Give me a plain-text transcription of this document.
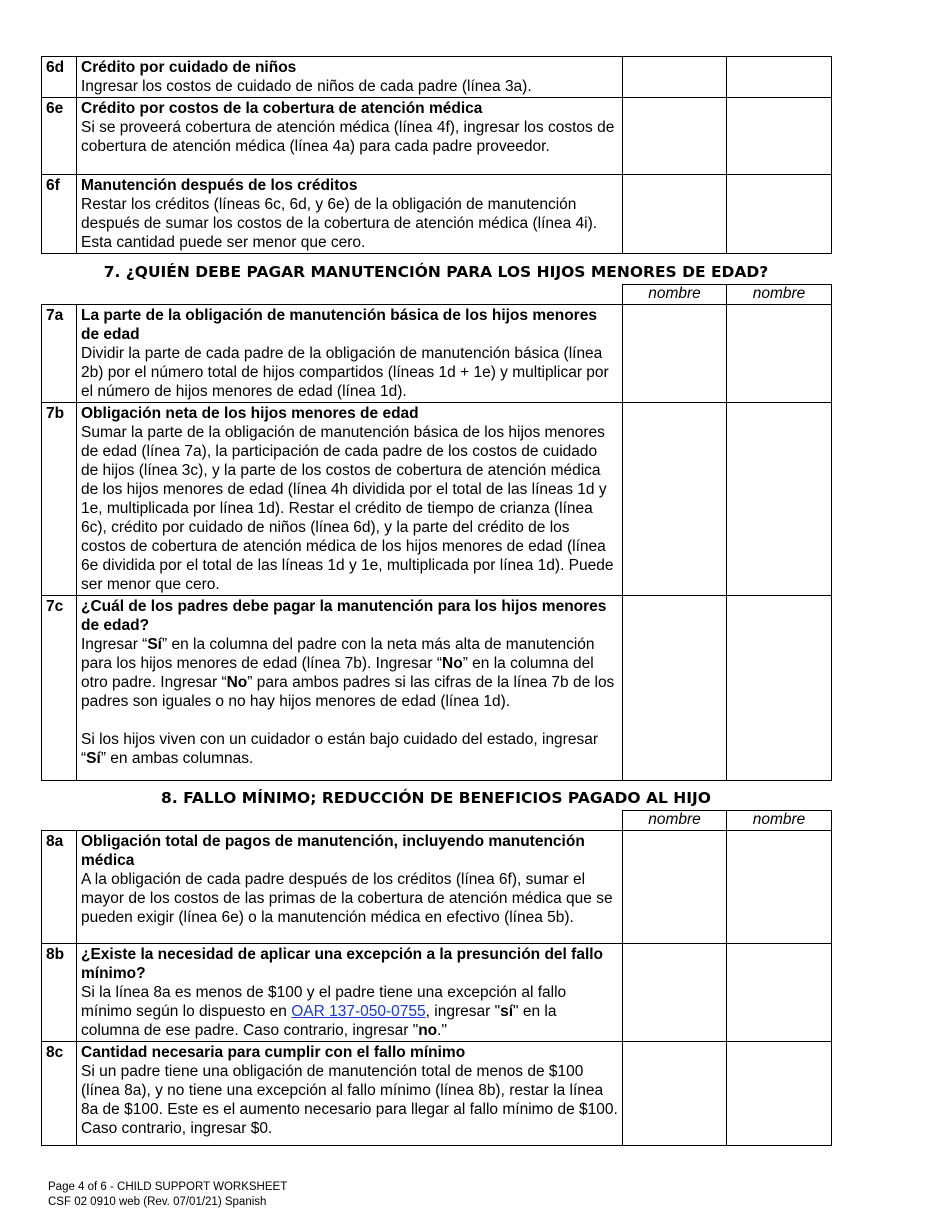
6d	Crédito por cuidado de niños
Ingresar los costos de cuidado de niños de cada padre (línea 3a).		
6e	Crédito por costos de la cobertura de atención médica
Si se proveerá cobertura de atención médica (línea 4f), ingresar los costos de cobertura de atención médica (línea 4a) para cada padre proveedor.		
6f	Manutención después de los créditos
Restar los créditos (líneas 6c, 6d, y 6e) de la obligación de manutención después de sumar los costos de la cobertura de atención médica (línea 4i). Esta cantidad puede ser menor que cero.		
7. ¿QUIÉN DEBE PAGAR MANUTENCIÓN PARA LOS HIJOS MENORES DE EDAD?
		nombre	nombre
7a	La parte de la obligación de manutención básica de los hijos menores de edad
Dividir la parte de cada padre de la obligación de manutención básica (línea 2b) por el número total de hijos compartidos (líneas 1d + 1e) y multiplicar por el número de hijos menores de edad (línea 1d).		
7b	Obligación neta de los hijos menores de edad
Sumar la parte de la obligación de manutención básica de los hijos menores de edad (línea 7a), la participación de cada padre de los costos de cuidado de hijos (línea 3c), y la parte de los costos de cobertura de atención médica de los hijos menores de edad (línea 4h dividida por el total de las líneas 1d y 1e, multiplicada por línea 1d). Restar el crédito de tiempo de crianza (línea 6c), crédito por cuidado de niños (línea 6d), y la parte del crédito de los costos de cobertura de atención médica de los hijos menores de edad (línea 6e dividida por el total de las líneas 1d y 1e, multiplicada por línea 1d). Puede ser menor que cero.		
7c	¿Cuál de los padres debe pagar la manutención para los hijos menores de edad?
Ingresar “Sí” en la columna del padre con la neta más alta de manutención para los hijos menores de edad (línea 7b). Ingresar “No” en la columna del otro padre. Ingresar “No” para ambos padres si las cifras de la línea 7b de los padres son iguales o no hay hijos menores de edad (línea 1d).
Si los hijos viven con un cuidador o están bajo cuidado del estado, ingresar “Sí” en ambas columnas.		
8. FALLO MÍNIMO; REDUCCIÓN DE BENEFICIOS PAGADO AL HIJO
		nombre	nombre
8a	Obligación total de pagos de manutención, incluyendo manutención médica
A la obligación de cada padre después de los créditos (línea 6f), sumar el mayor de los costos de las primas de la cobertura de atención médica que se pueden exigir (línea 6e) o la manutención médica en efectivo (línea 5b).		
8b	¿Existe la necesidad de aplicar una excepción a la presunción del fallo mínimo?
Si la línea 8a es menos de $100 y el padre tiene una excepción al fallo mínimo según lo dispuesto en OAR 137-050-0755, ingresar "sí" en la columna de ese padre. Caso contrario, ingresar "no."		
8c	Cantidad necesaria para cumplir con el fallo mínimo
Si un padre tiene una obligación de manutención total de menos de $100 (línea 8a), y no tiene una excepción al fallo mínimo (línea 8b), restar la línea 8a de $100. Este es el aumento necesario para llegar al fallo mínimo de $100. Caso contrario, ingresar $0.		
Page 4 of 6 - CHILD SUPPORT WORKSHEET
CSF 02 0910 web (Rev. 07/01/21) Spanish
